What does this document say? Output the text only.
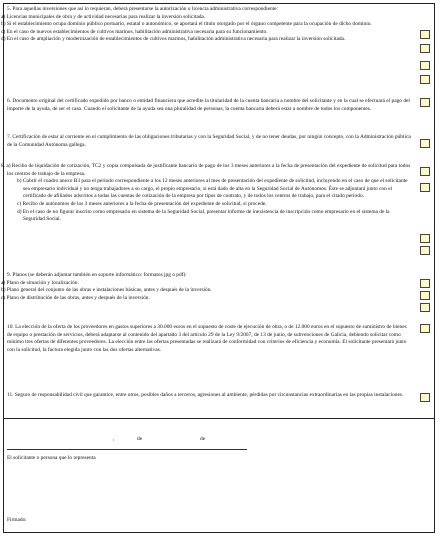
5. Para aquellas inversiones que así lo requieran, deberá presentarse la autorización o licencia administrativa correspondiente:

a) Licencias municipales de obra y de actividad necesarias para realizar la inversión solicitada.

b) Si el establecimiento ocupa dominio público portuario, estatal o autonómico, se aportará el título otorgado por el órgano competente para la ocupación de dicho dominio.

c) En el caso de nuevos establecimientos de cultivos marinos, habilitación administrativa necesaria para su funcionamiento.

d) En el caso de ampliación y modernización de establecimientos de cultivos marinos, habilitación administrativa necesaria para realizar la inversión solicitada.

6. Documento original del certificado expedido por banco o entidad financiera que acredite la titularidad de la cuenta bancaria a nombre del solicitante y en la cual se efectuará el pago del importe de la ayuda, de ser el caso. Cuando el solicitante de la ayuda sea una pluralidad de personas, la cuenta bancaria deberá estar a nombre de todos los componentes.

7. Certificación de estar al corriente en el cumplimiento de las obligaciones tributarias y con la Seguridad Social, y de no tener deudas, por ningún concepto, con la Administración pública de la Comunidad Autónoma gallega.

8. a) Recibo de liquidación de cotización, TC2 y copia compulsada de justificante bancario de pago de los 3 meses anteriores a la fecha de presentación del expediente de solicitud para todos los centros de trabajo de la empresa.

b) Cubrir el cuadro anexo B3 para el período correspondiente a los 12 meses anteriores al mes de presentación del expediente de solicitud, incluyendo en el caso de que el solicitante sea empresario individual y no tenga trabajadores a su cargo, el propio empresario, si está dado de alta en la Seguridad Social de Autónomos. Éste se adjuntará junto con el certificado de afiliados adscritos a todas las cuentas de cotización de la empresa por tipos de contrato, y de todos los centros de trabajo, para el citado período.

c) Recibo de autónomos de los 3 meses anteriores a la fecha de presentación del expediente de solicitud, si procede.

d) En el caso de no figurar inscrito como empresario en sistema de la Seguridad Social, presentar informe de inexistencia de inscripción como empresario en el sistema de la Seguridad Social.

9. Planos (se deberán adjuntar también en soporte informático: formatos jpg o pdf):

a) Plano de situación y localización.

b) Plano general del conjunto de las obras e instalaciones básicas, antes y después de la inversión.

c) Plano de distribución de las obras, antes y después de la inversión.

10. La elección de la oferta de los proveedores en gastos superiores a 30.000 euros en el supuesto de coste de ejecución de obra, o de 12.000 euros en el supuesto de suministro de bienes de equipo o prestación de servicios, deberá adaptarse al contenido del apartado 3 del artículo 29 de la Ley 9/2007, de 13 de junio, de subvenciones de Galicia, debiendo solicitar como mínimo tres ofertas de diferentes proveedores. La elección entre las ofertas presentadas se realizará de conformidad con criterios de eficiencia y economía. El solicitante presentará junto con la solicitud, la factura elegida junto con las dos ofertas alternativas.

11. Seguro de responsabilidad civil que garantice, entre otros, posibles daños a terceros, agresiones al ambiente, pérdidas por circunstancias extraordinarias en las propias instalaciones.

,	de	de
El solicitante o persona que lo representa
Firmado:
